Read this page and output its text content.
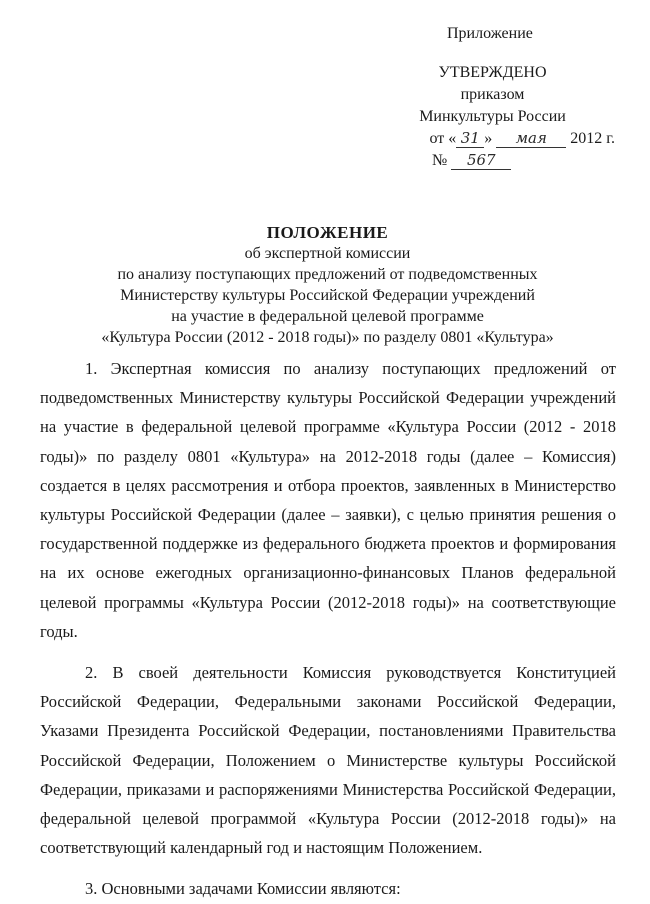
Приложение
УТВЕРЖДЕНО
приказом
Минкультуры России
от « 31 » мая 2012 г.
№ 567
ПОЛОЖЕНИЕ
об экспертной комиссии
по анализу поступающих предложений от подведомственных
Министерству культуры Российской Федерации учреждений
на участие в федеральной целевой программе
«Культура России (2012 - 2018 годы)» по разделу 0801 «Культура»

1. Экспертная комиссия по анализу поступающих предложений от подведомственных Министерству культуры Российской Федерации учреждений на участие в федеральной целевой программе «Культура России (2012 - 2018 годы)» по разделу 0801 «Культура» на 2012-2018 годы (далее – Комиссия) создается в целях рассмотрения и отбора проектов, заявленных в Министерство культуры Российской Федерации (далее – заявки), с целью принятия решения о государственной поддержке из федерального бюджета проектов и формирования на их основе ежегодных организационно-финансовых Планов федеральной целевой программы «Культура России (2012-2018 годы)» на соответствующие годы.

2. В своей деятельности Комиссия руководствуется Конституцией Российской Федерации, Федеральными законами Российской Федерации, Указами Президента Российской Федерации, постановлениями Правительства Российской Федерации, Положением о Министерстве культуры Российской Федерации, приказами и распоряжениями Министерства Российской Федерации, федеральной целевой программой «Культура России (2012-2018 годы)» на соответствующий календарный год и настоящим Положением.

3. Основными задачами Комиссии являются:
